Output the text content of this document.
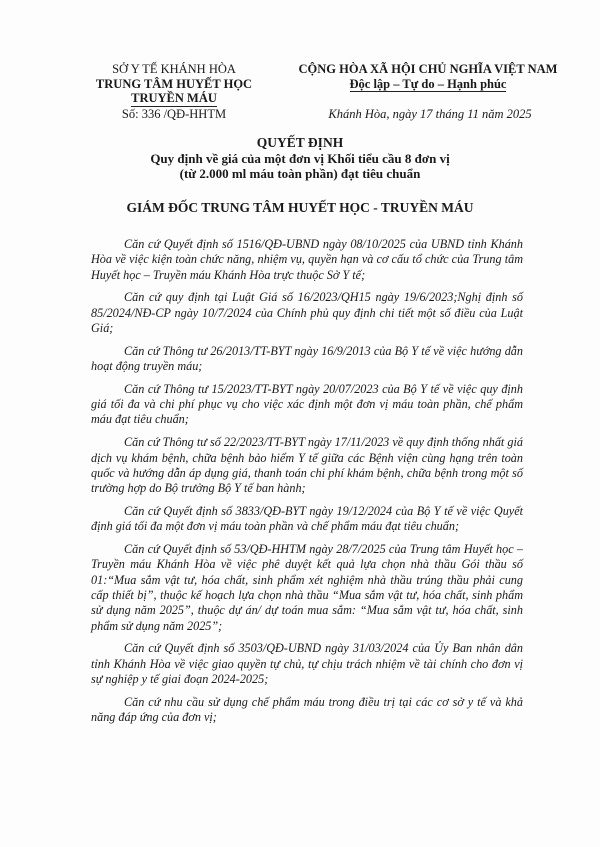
SỞ Y TẾ KHÁNH HÒA
TRUNG TÂM HUYẾT HỌC
TRUYỀN MÁU
Số: 336 /QĐ-HHTM
CỘNG HÒA XÃ HỘI CHỦ NGHĨA VIỆT NAM
Độc lập – Tự do – Hạnh phúc
Khánh Hòa, ngày 17 tháng 11 năm 2025
QUYẾT ĐỊNH
Quy định về giá của một đơn vị Khối tiểu cầu 8 đơn vị
(từ 2.000 ml máu toàn phần) đạt tiêu chuẩn
GIÁM ĐỐC TRUNG TÂM HUYẾT HỌC - TRUYỀN MÁU

Căn cứ Quyết định số 1516/QĐ-UBND ngày 08/10/2025 của UBND tỉnh Khánh Hòa về việc kiện toàn chức năng, nhiệm vụ, quyền hạn và cơ cấu tổ chức của Trung tâm Huyết học – Truyền máu Khánh Hòa trực thuộc Sở Y tế;

Căn cứ quy định tại Luật Giá số 16/2023/QH15 ngày 19/6/2023;Nghị định số 85/2024/NĐ-CP ngày 10/7/2024 của Chính phủ quy định chi tiết một số điều của Luật Giá;

Căn cứ Thông tư 26/2013/TT-BYT ngày 16/9/2013 của Bộ Y tế về việc hướng dẫn hoạt động truyền máu;

Căn cứ Thông tư 15/2023/TT-BYT ngày 20/07/2023 của Bộ Y tế về việc quy định giá tối đa và chi phí phục vụ cho việc xác định một đơn vị máu toàn phần, chế phẩm máu đạt tiêu chuẩn;

Căn cứ Thông tư số 22/2023/TT-BYT ngày 17/11/2023 về quy định thống nhất giá dịch vụ khám bệnh, chữa bệnh bảo hiểm Y tế giữa các Bệnh viện cùng hạng trên toàn quốc và hướng dẫn áp dụng giá, thanh toán chi phí khám bệnh, chữa bệnh trong một số trường hợp do Bộ trưởng Bộ Y tế ban hành;

Căn cứ Quyết định số 3833/QĐ-BYT ngày 19/12/2024 của Bộ Y tế về việc Quyết định giá tối đa một đơn vị máu toàn phần và chế phẩm máu đạt tiêu chuẩn;

Căn cứ Quyết định số 53/QĐ-HHTM ngày 28/7/2025 của Trung tâm Huyết học – Truyền máu Khánh Hòa về việc phê duyệt kết quả lựa chọn nhà thầu Gói thầu số 01:“Mua sắm vật tư, hóa chất, sinh phẩm xét nghiệm nhà thầu trúng thầu phải cung cấp thiết bị”, thuộc kế hoạch lựa chọn nhà thầu “Mua sắm vật tư, hóa chất, sinh phẩm sử dụng năm 2025”, thuộc dự án/ dự toán mua sắm: “Mua sắm vật tư, hóa chất, sinh phẩm sử dụng năm 2025”;

Căn cứ Quyết định số 3503/QĐ-UBND ngày 31/03/2024 của Ủy Ban nhân dân tỉnh Khánh Hòa về việc giao quyền tự chủ, tự chịu trách nhiệm về tài chính cho đơn vị sự nghiệp y tế giai đoạn 2024-2025;

Căn cứ nhu cầu sử dụng chế phẩm máu trong điều trị tại các cơ sở y tế và khả năng đáp ứng của đơn vị;
